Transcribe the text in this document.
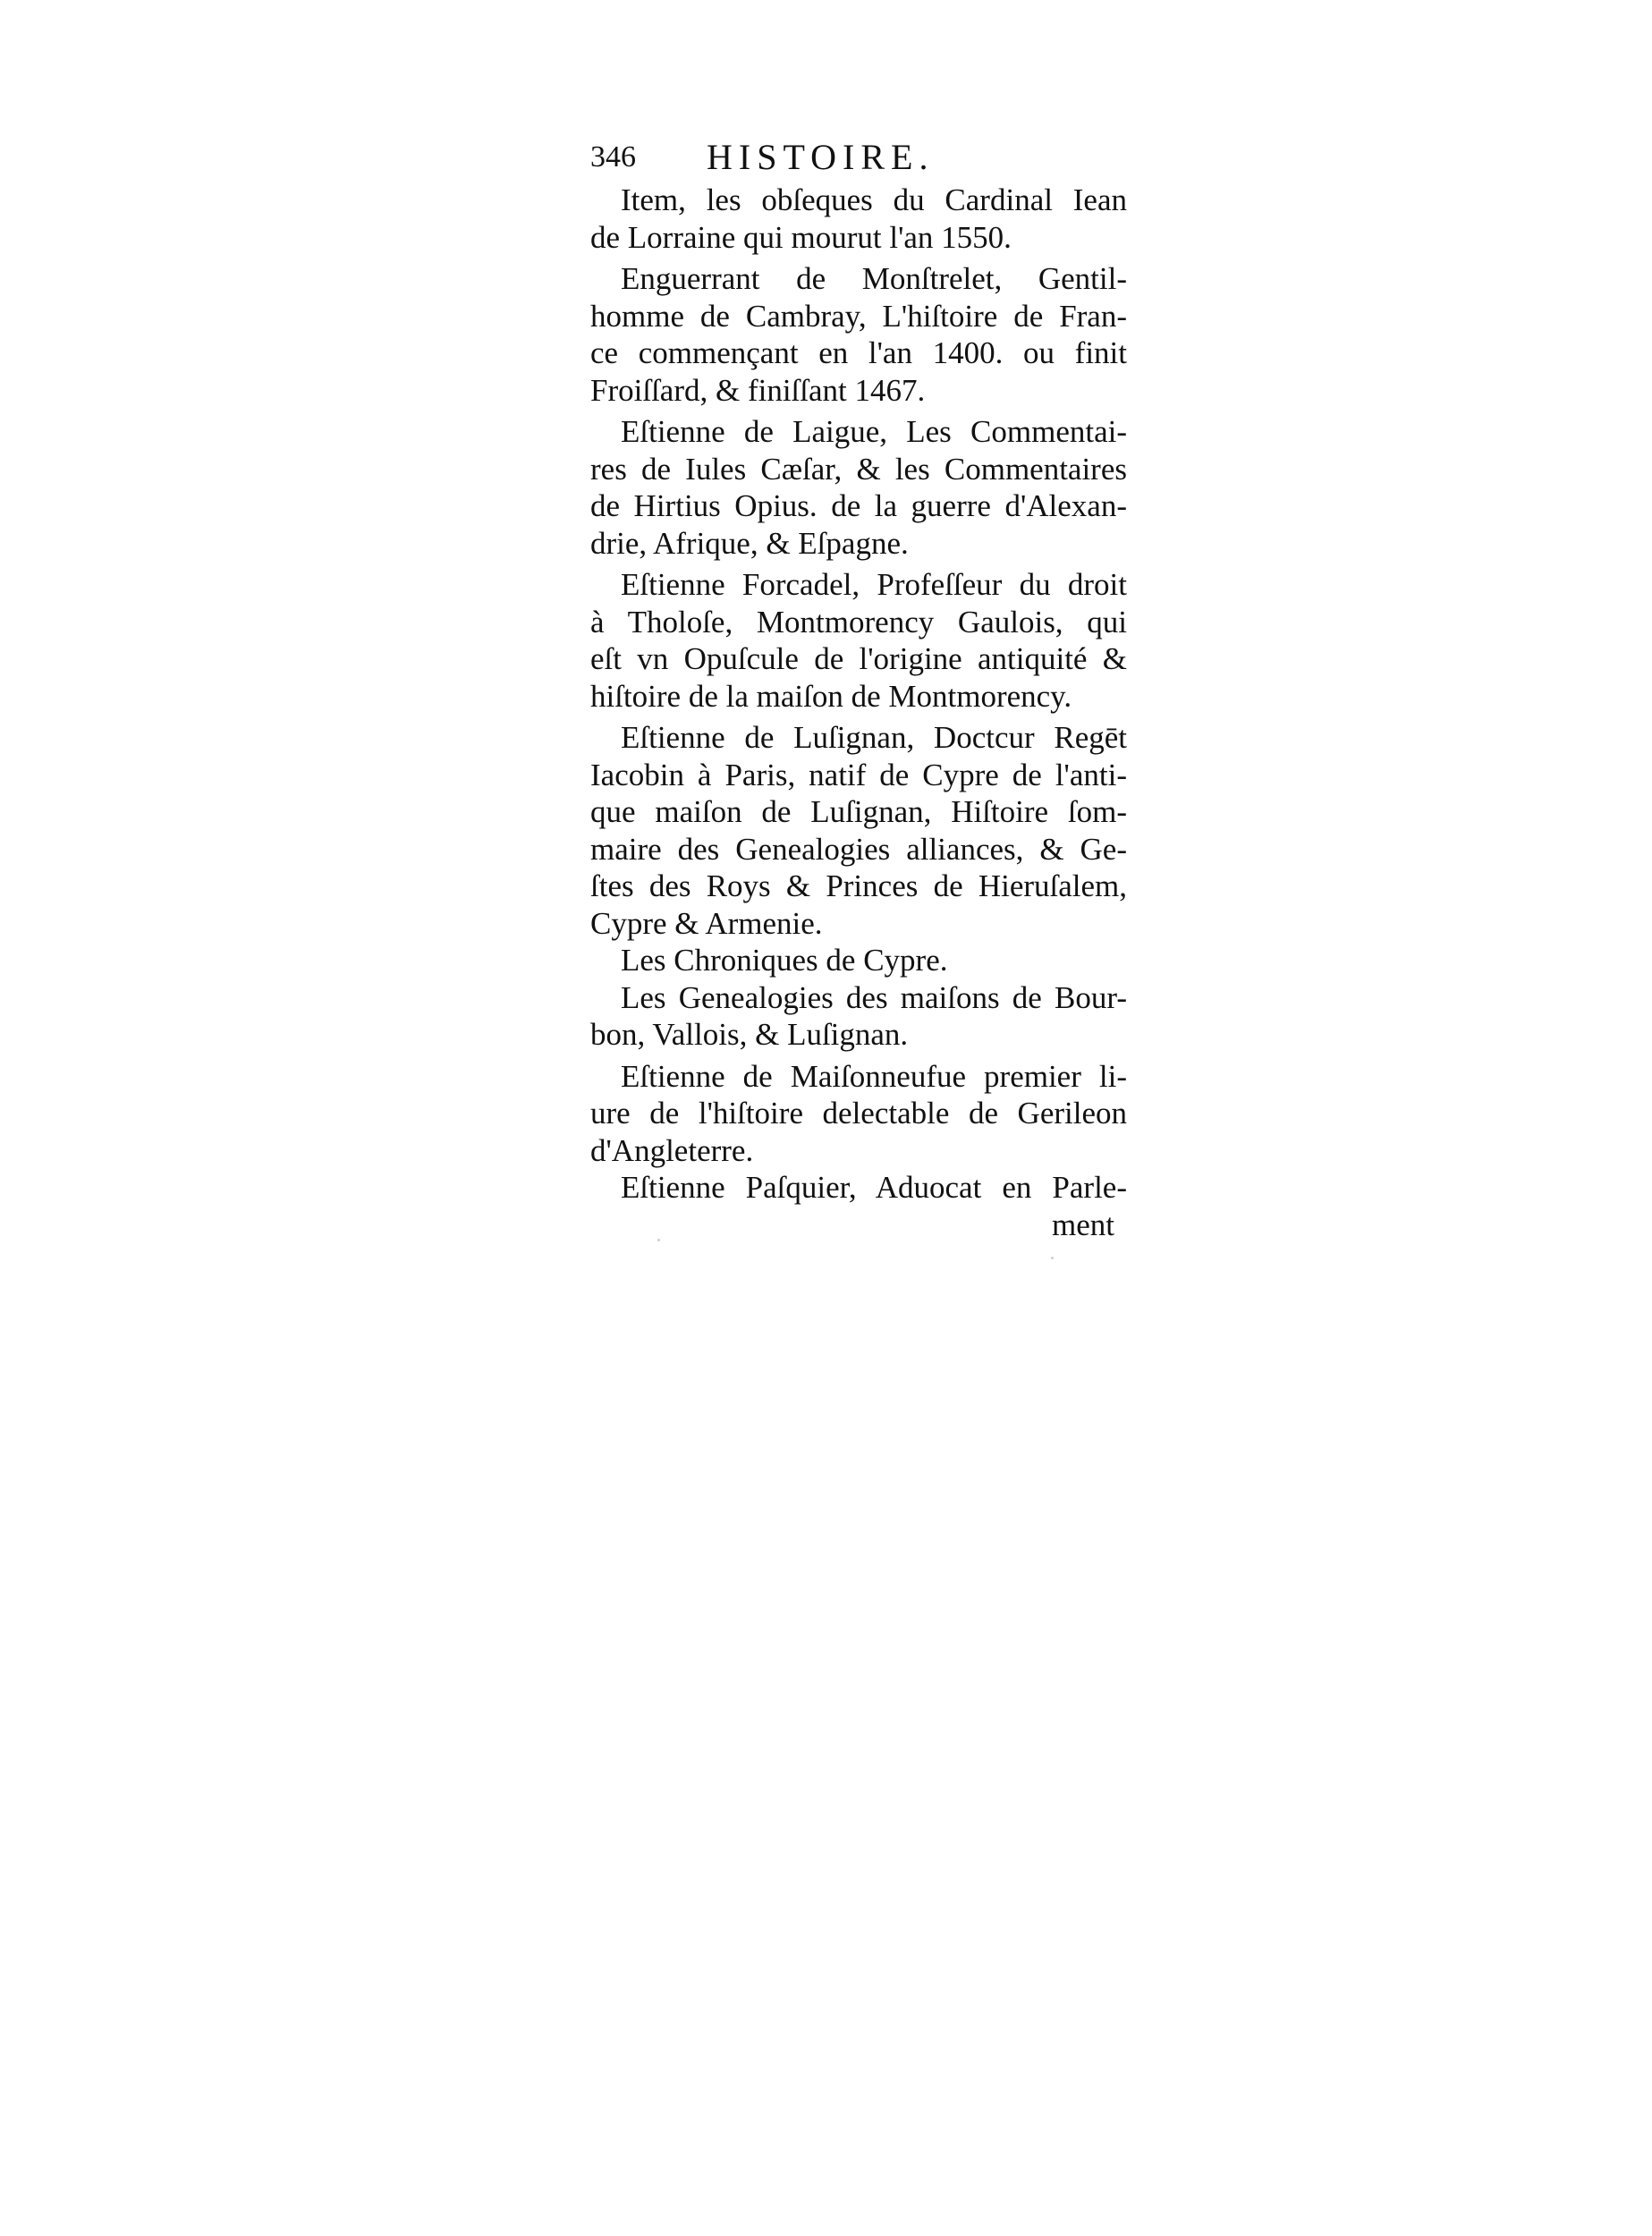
346 HISTOIRE.
Item, les obſeques du Cardinal Iean
de Lorraine qui mourut l'an 1550.
Enguerrant de Monſtrelet, Gentil-
homme de Cambray, L'hiſtoire de Fran-
ce commençant en l'an 1400. ou finit
Froiſſard, & finiſſant 1467.
Eſtienne de Laigue, Les Commentai-
res de Iules Cæſar, & les Commentaires
de Hirtius Opius. de la guerre d'Alexan-
drie, Afrique, & Eſpagne.
Eſtienne Forcadel, Profeſſeur du droit
à Tholoſe, Montmorency Gaulois, qui
eſt vn Opuſcule de l'origine antiquité &
hiſtoire de la maiſon de Montmorency.
Eſtienne de Luſignan, Doctcur Regēt
Iacobin à Paris, natif de Cypre de l'anti-
que maiſon de Luſignan, Hiſtoire ſom-
maire des Genealogies alliances, & Ge-
ſtes des Roys & Princes de Hieruſalem,
Cypre & Armenie.
Les Chroniques de Cypre.
Les Genealogies des maiſons de Bour-
bon, Vallois, & Luſignan.
Eſtienne de Maiſonneufue premier li-
ure de l'hiſtoire delectable de Gerileon
d'Angleterre.
Eſtienne Paſquier, Aduocat en Parle-
ment
